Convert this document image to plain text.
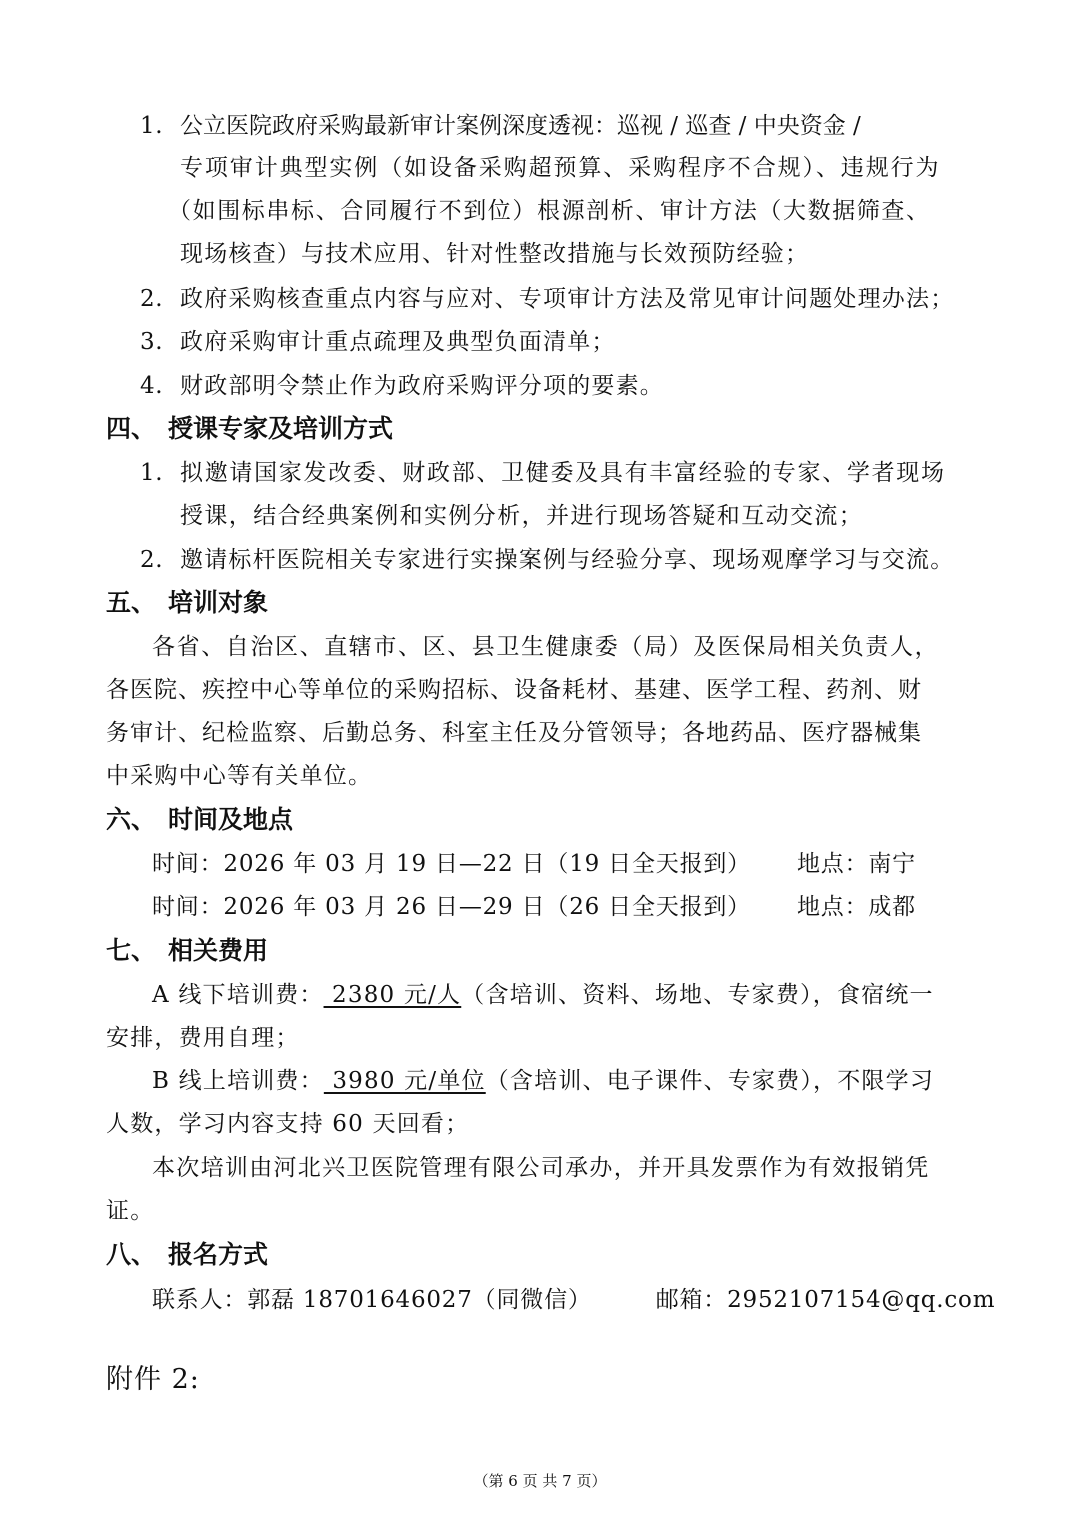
1. 公立医院政府采购最新审计案例深度透视：巡视 / 巡查 / 中央资金 /
专项审计典型实例（如设备采购超预算、采购程序不合规）、违规行为
（如围标串标、合同履行不到位）根源剖析、审计方法（大数据筛查、
现场核查）与技术应用、针对性整改措施与长效预防经验；
2. 政府采购核查重点内容与应对、专项审计方法及常见审计问题处理办法；
3. 政府采购审计重点疏理及典型负面清单；
4. 财政部明令禁止作为政府采购评分项的要素。
四、 授课专家及培训方式
1. 拟邀请国家发改委、财政部、卫健委及具有丰富经验的专家、学者现场
授课，结合经典案例和实例分析，并进行现场答疑和互动交流；
2. 邀请标杆医院相关专家进行实操案例与经验分享、现场观摩学习与交流。
五、 培训对象
各省、自治区、直辖市、区、县卫生健康委（局）及医保局相关负责人，
各医院、疾控中心等单位的采购招标、设备耗材、基建、医学工程、药剂、财
务审计、纪检监察、后勤总务、科室主任及分管领导；各地药品、医疗器械集
中采购中心等有关单位。
六、 时间及地点
时间：2026 年 03 月 19 日—22 日（19 日全天报到） 地点：南宁
时间：2026 年 03 月 26 日—29 日（26 日全天报到） 地点：成都
七、 相关费用
A 线下培训费： 2380 元/人（含培训、资料、场地、专家费），食宿统一
安排，费用自理；
B 线上培训费： 3980 元/单位（含培训、电子课件、专家费），不限学习
人数，学习内容支持 60 天回看；
本次培训由河北兴卫医院管理有限公司承办，并开具发票作为有效报销凭
证。
八、 报名方式
联系人：郭磊 18701646027（同微信）	邮箱：2952107154@qq.com
附件 2:
（第 6 页 共 7 页）
